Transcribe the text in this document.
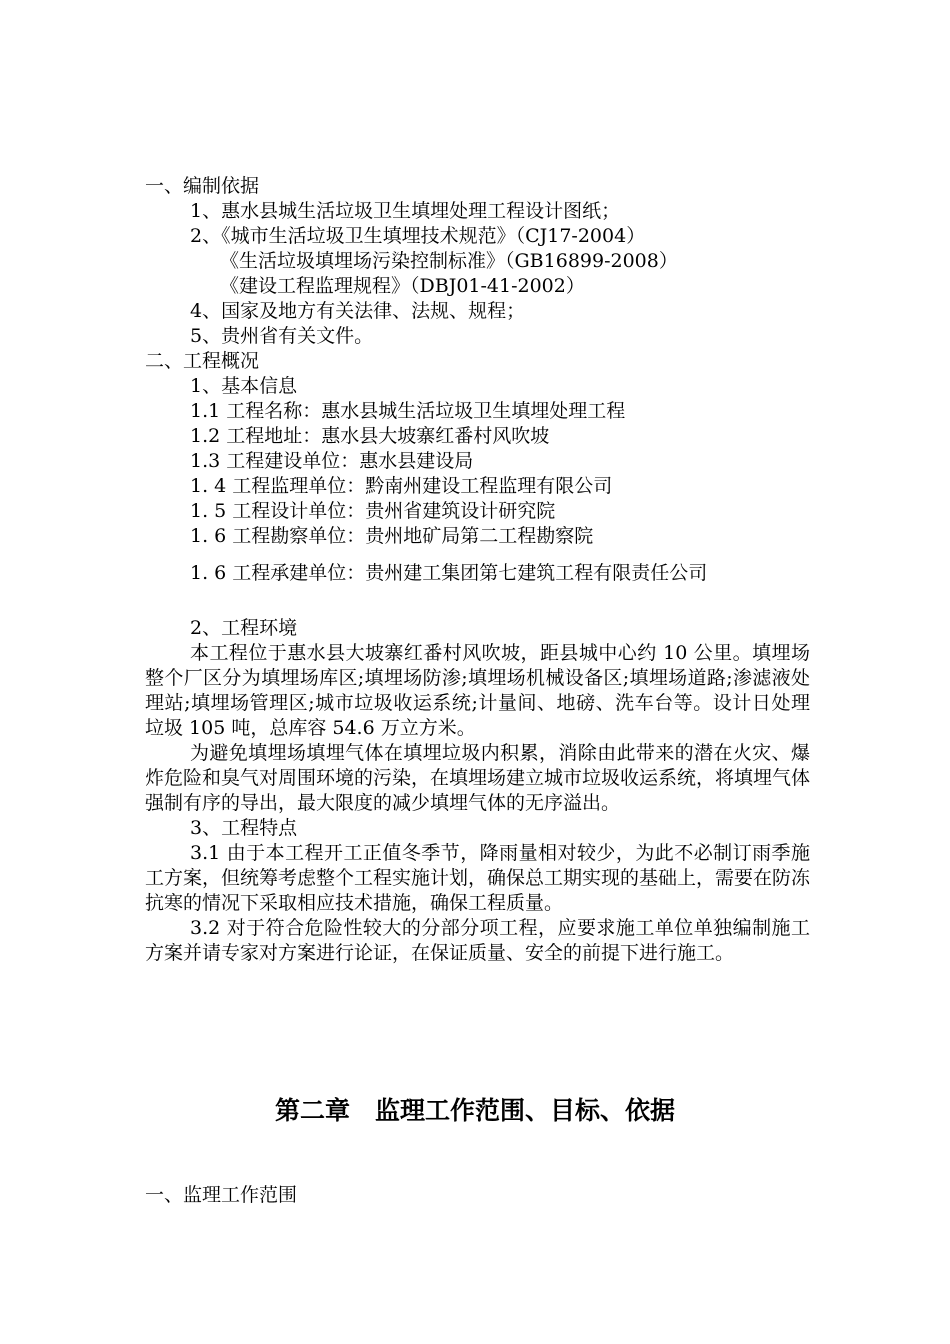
一、编制依据
1、惠水县城生活垃圾卫生填埋处理工程设计图纸；
2、《城市生活垃圾卫生填埋技术规范》（CJ17-2004）
《生活垃圾填埋场污染控制标准》（GB16899-2008）
《建设工程监理规程》（DBJ01-41-2002）
4、国家及地方有关法律、法规、规程；
5、贵州省有关文件。
二、工程概况
1、基本信息
1.1 工程名称：惠水县城生活垃圾卫生填埋处理工程
1.2 工程地址：惠水县大坡寨红番村风吹坡
1.3 工程建设单位：惠水县建设局
1. 4 工程监理单位：黔南州建设工程监理有限公司
1. 5 工程设计单位：贵州省建筑设计研究院
1. 6 工程勘察单位：贵州地矿局第二工程勘察院
1. 6 工程承建单位：贵州建工集团第七建筑工程有限责任公司
2、工程环境

本工程位于惠水县大坡寨红番村风吹坡，距县城中心约 10 公里。填埋场整个厂区分为填埋场库区;填埋场防渗;填埋场机械设备区;填埋场道路;渗滤液处理站;填埋场管理区;城市垃圾收运系统;计量间、地磅、洗车台等。设计日处理垃圾 105 吨，总库容 54.6 万立方米。

为避免填埋场填埋气体在填埋垃圾内积累，消除由此带来的潜在火灾、爆炸危险和臭气对周围环境的污染，在填埋场建立城市垃圾收运系统，将填埋气体强制有序的导出，最大限度的减少填埋气体的无序溢出。

3、工程特点

3.1 由于本工程开工正值冬季节，降雨量相对较少，为此不必制订雨季施工方案，但统筹考虑整个工程实施计划，确保总工期实现的基础上，需要在防冻抗寒的情况下采取相应技术措施，确保工程质量。

3.2 对于符合危险性较大的分部分项工程，应要求施工单位单独编制施工方案并请专家对方案进行论证，在保证质量、安全的前提下进行施工。

第二章　监理工作范围、目标、依据
一、监理工作范围
